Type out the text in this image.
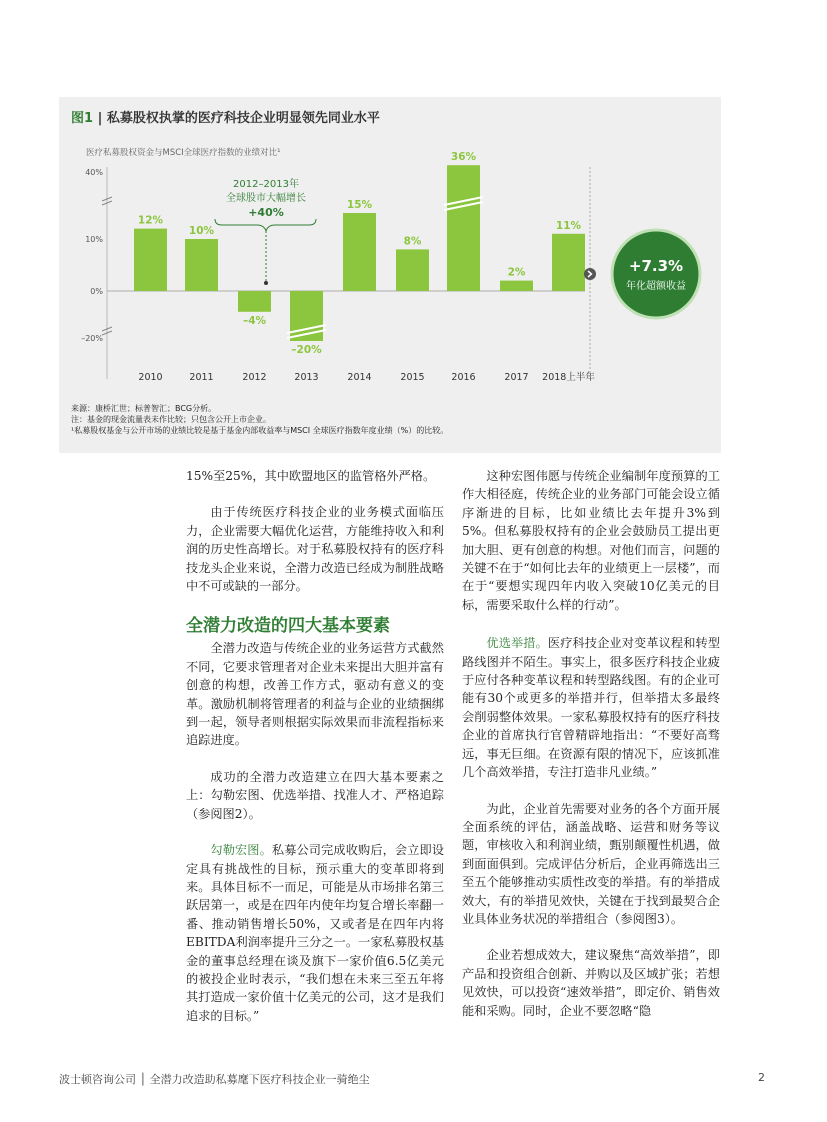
图1 | 私募股权执掌的医疗科技企业明显领先同业水平
医疗私募股权资金与MSCI全球医疗指数的业绩对比¹
40%
10%
0%
–20%
12%
2010
10%
2011
–4%
2012
–20%
2013
15%
2014
8%
2015
36%
2016
2%
2017
11%
2018上半年
2012–2013年
全球股市大幅增长
+40%
+7.3%
年化超额收益
来源：康桥汇世；标普智汇；BCG分析。
注：基金的现金流量表未作比较；只包含公开上市企业。
¹私募股权基金与公开市场的业绩比较是基于基金内部收益率与MSCI 全球医疗指数年度业绩（%）的比较。

15%至25%，其中欧盟地区的监管格外严格。

由于传统医疗科技企业的业务模式面临压力，企业需要大幅优化运营，方能维持收入和利润的历史性高增长。对于私募股权持有的医疗科技龙头企业来说，全潜力改造已经成为制胜战略中不可或缺的一部分。

全潜力改造的四大基本要素

全潜力改造与传统企业的业务运营方式截然不同，它要求管理者对企业未来提出大胆并富有创意的构想，改善工作方式，驱动有意义的变革。激励机制将管理者的利益与企业的业绩捆绑到一起，领导者则根据实际效果而非流程指标来追踪进度。

成功的全潜力改造建立在四大基本要素之上：勾勒宏图、优选举措、找准人才、严格追踪（参阅图2）。

勾勒宏图。私募公司完成收购后，会立即设定具有挑战性的目标，预示重大的变革即将到来。具体目标不一而足，可能是从市场排名第三跃居第一，或是在四年内使年均复合增长率翻一番、推动销售增长50%，又或者是在四年内将EBITDA利润率提升三分之一。一家私募股权基金的董事总经理在谈及旗下一家价值6.5亿美元的被投企业时表示，“我们想在未来三至五年将其打造成一家价值十亿美元的公司，这才是我们追求的目标。”

这种宏图伟愿与传统企业编制年度预算的工作大相径庭，传统企业的业务部门可能会设立循序渐进的目标，比如业绩比去年提升3%到5%。但私募股权持有的企业会鼓励员工提出更加大胆、更有创意的构想。对他们而言，问题的关键不在于“如何比去年的业绩更上一层楼”，而在于“要想实现四年内收入突破10亿美元的目标，需要采取什么样的行动”。

优选举措。医疗科技企业对变革议程和转型路线图并不陌生。事实上，很多医疗科技企业疲于应付各种变革议程和转型路线图。有的企业可能有30个或更多的举措并行，但举措太多最终会削弱整体效果。一家私募股权持有的医疗科技企业的首席执行官曾精辟地指出：“不要好高骛远，事无巨细。在资源有限的情况下，应该抓准几个高效举措，专注打造非凡业绩。”

为此，企业首先需要对业务的各个方面开展全面系统的评估，涵盖战略、运营和财务等议题，审核收入和利润业绩，甄别颠覆性机遇，做到面面俱到。完成评估分析后，企业再筛选出三至五个能够推动实质性改变的举措。有的举措成效大，有的举措见效快，关键在于找到最契合企业具体业务状况的举措组合（参阅图3）。

企业若想成效大，建议聚焦“高效举措”，即产品和投资组合创新、并购以及区域扩张；若想见效快，可以投资“速效举措”，即定价、销售效能和采购。同时，企业不要忽略“隐

波士顿咨询公司 │ 全潜力改造助私募麾下医疗科技企业一骑绝尘	2
